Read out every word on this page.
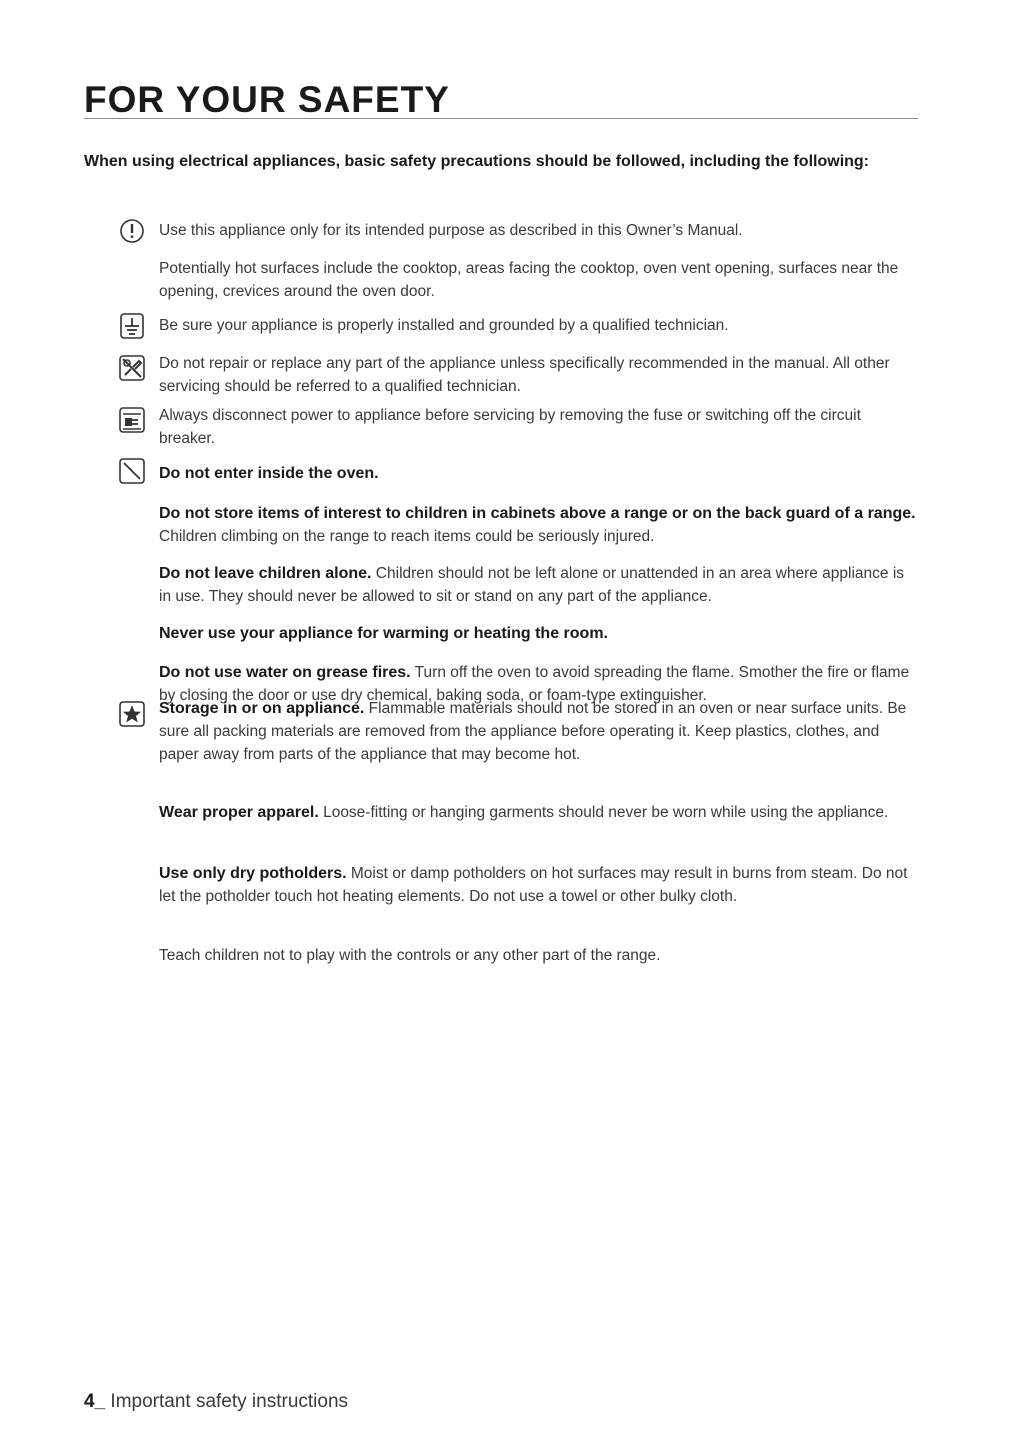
FOR YOUR SAFETY

When using electrical appliances, basic safety precautions should be followed, including the following:

Use this appliance only for its intended purpose as described in this Owner’s Manual.

Potentially hot surfaces include the cooktop, areas facing the cooktop, oven vent opening, surfaces near the opening, crevices around the oven door.

Be sure your appliance is properly installed and grounded by a qualified technician.

Do not repair or replace any part of the appliance unless specifically recommended in the manual. All other servicing should be referred to a qualified technician.

Always disconnect power to appliance before servicing by removing the fuse or switching off the circuit breaker.

Do not enter inside the oven.

Do not store items of interest to children in cabinets above a range or on the back guard of a range. Children climbing on the range to reach items could be seriously injured.

Do not leave children alone. Children should not be left alone or unattended in an area where appliance is in use. They should never be allowed to sit or stand on any part of the appliance.

Never use your appliance for warming or heating the room.

Do not use water on grease fires. Turn off the oven to avoid spreading the flame. Smother the fire or flame by closing the door or use dry chemical, baking soda, or foam-type extinguisher.

Storage in or on appliance. Flammable materials should not be stored in an oven or near surface units. Be sure all packing materials are removed from the appliance before operating it. Keep plastics, clothes, and paper away from parts of the appliance that may become hot.

Wear proper apparel. Loose-fitting or hanging garments should never be worn while using the appliance.

Use only dry potholders. Moist or damp potholders on hot surfaces may result in burns from steam. Do not let the potholder touch hot heating elements. Do not use a towel or other bulky cloth.

Teach children not to play with the controls or any other part of the range.

4_ Important safety instructions
